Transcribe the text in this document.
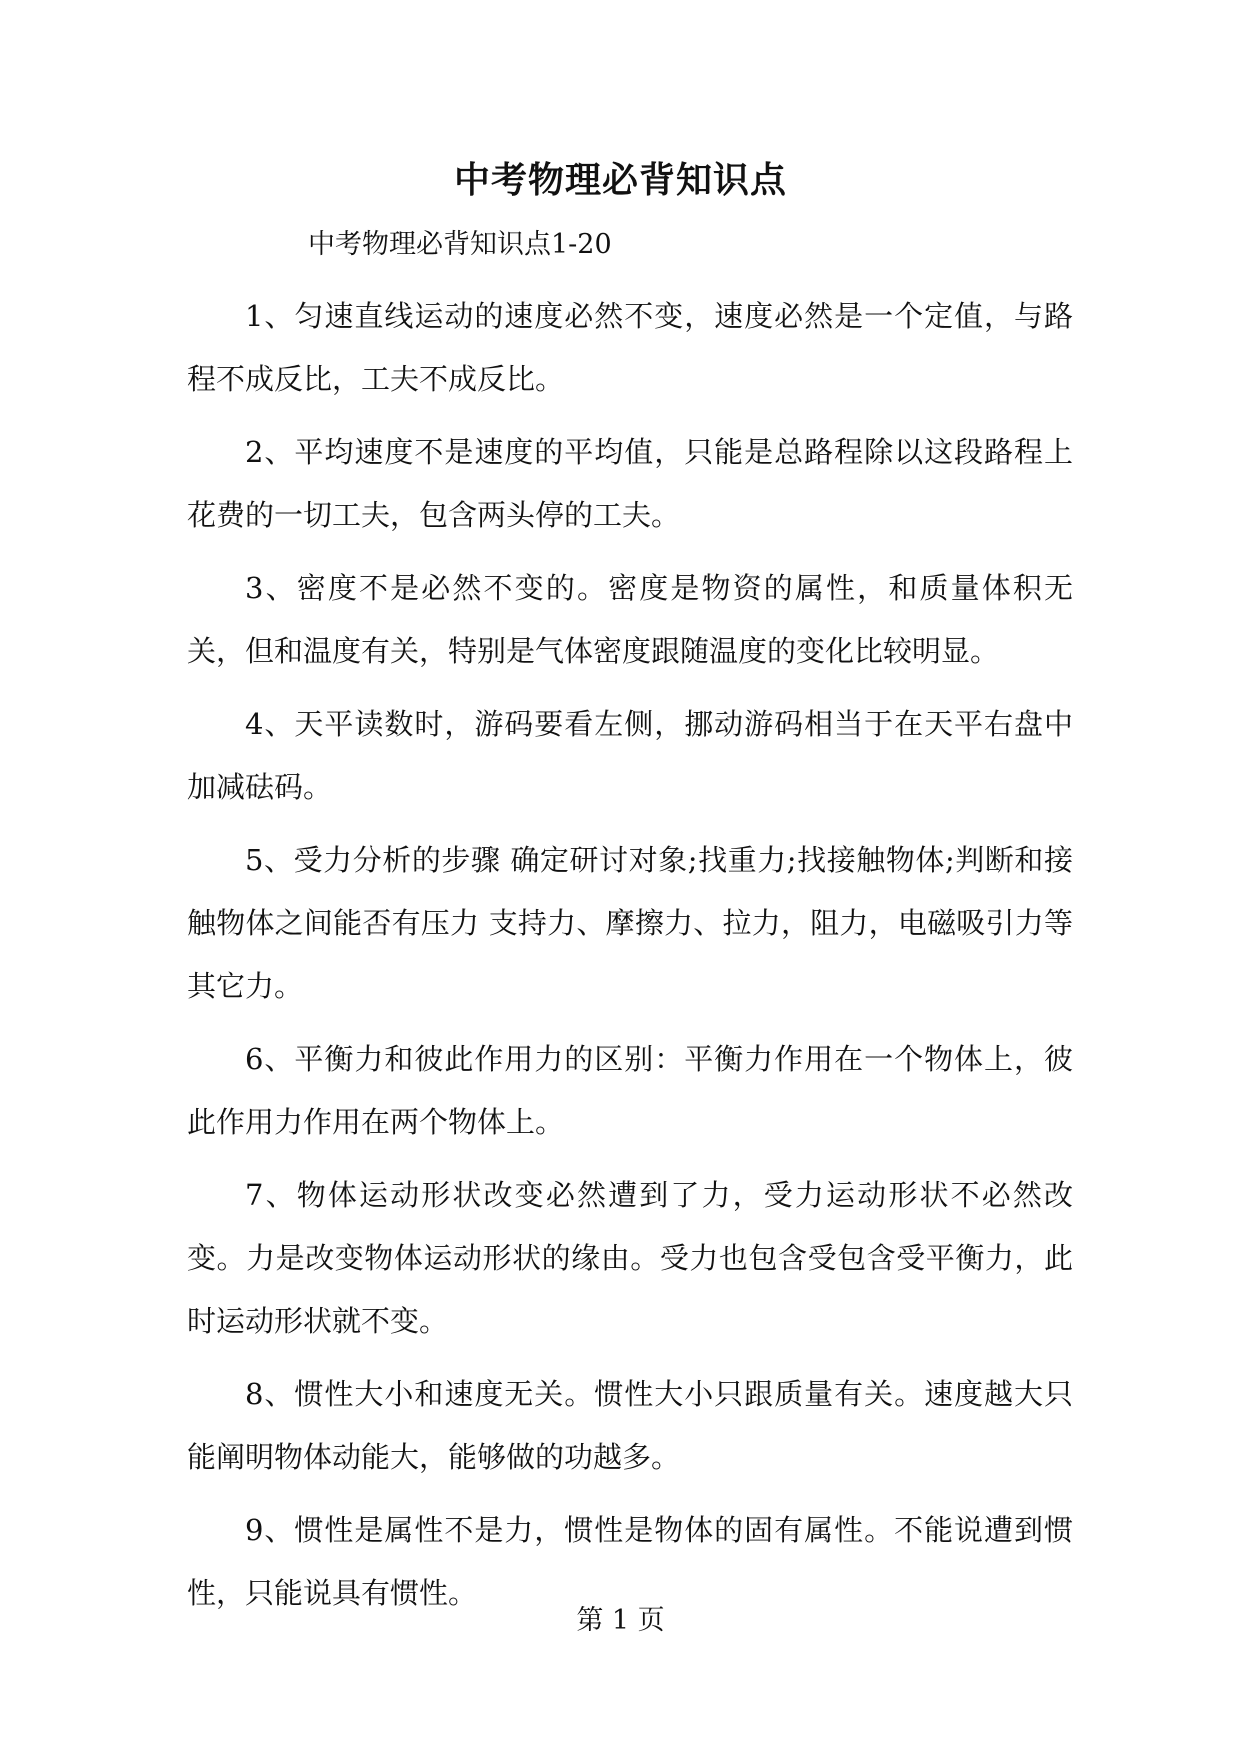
中考物理必背知识点
中考物理必背知识点1-20

1、匀速直线运动的速度必然不变，速度必然是一个定值，与路程不成反比，工夫不成反比。

2、平均速度不是速度的平均值，只能是总路程除以这段路程上花费的一切工夫，包含两头停的工夫。

3、密度不是必然不变的。密度是物资的属性，和质量体积无关，但和温度有关，特别是气体密度跟随温度的变化比较明显。

4、天平读数时，游码要看左侧，挪动游码相当于在天平右盘中加减砝码。

5、受力分析的步骤 确定研讨对象;找重力;找接触物体;判断和接触物体之间能否有压力 支持力、摩擦力、拉力，阻力，电磁吸引力等其它力。

6、平衡力和彼此作用力的区别：平衡力作用在一个物体上，彼此作用力作用在两个物体上。

7、物体运动形状改变必然遭到了力，受力运动形状不必然改变。力是改变物体运动形状的缘由。受力也包含受包含受平衡力，此时运动形状就不变。

8、惯性大小和速度无关。惯性大小只跟质量有关。速度越大只能阐明物体动能大，能够做的功越多。

9、惯性是属性不是力，惯性是物体的固有属性。不能说遭到惯性，只能说具有惯性。

第 1 页
